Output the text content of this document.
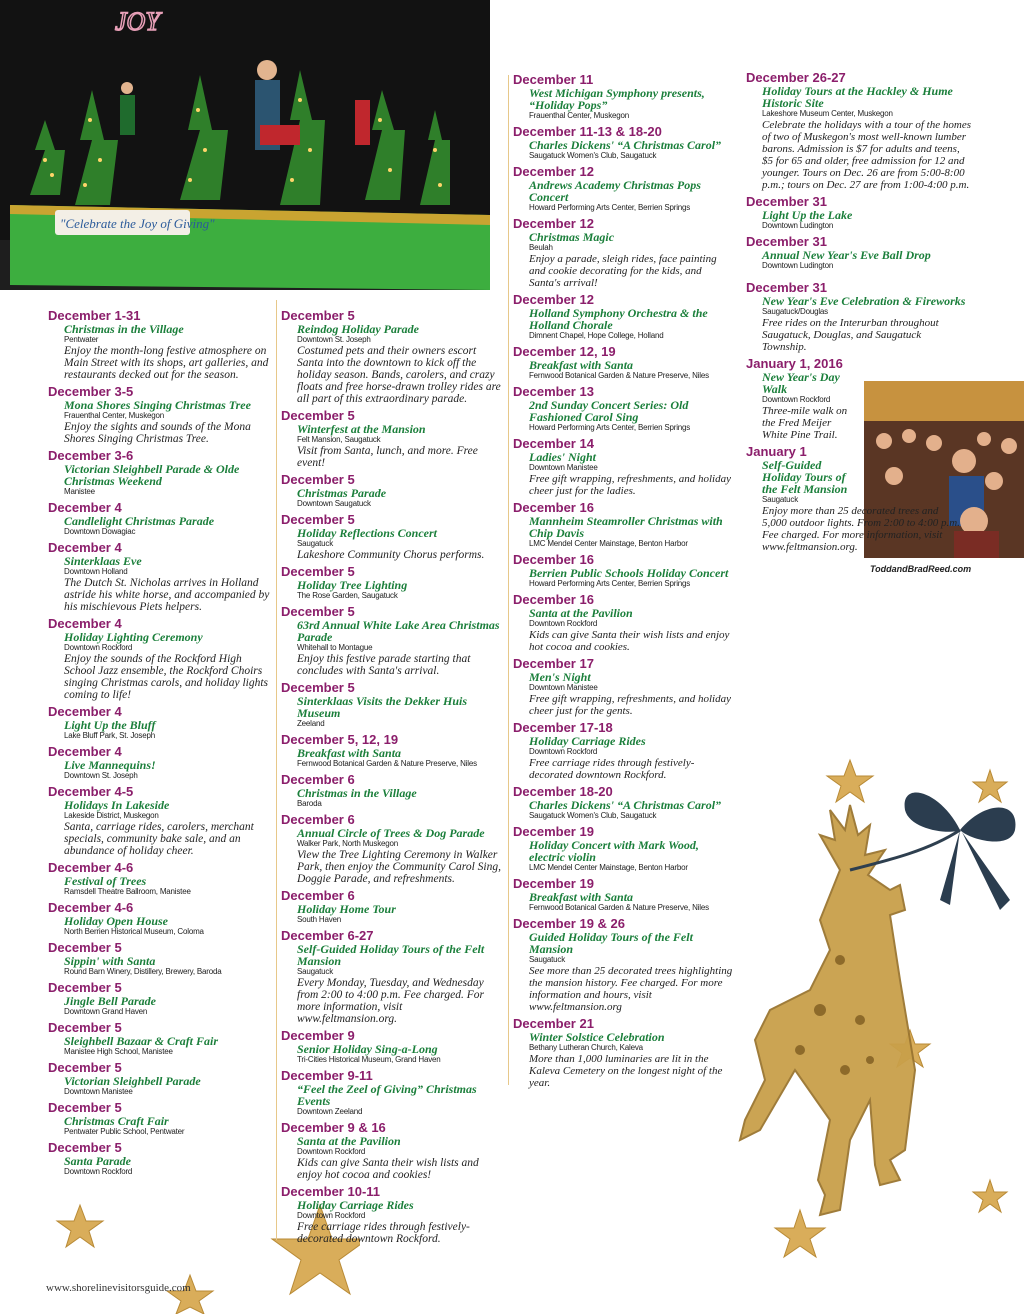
"Celebrate the Joy of Giving"
JOY
ToddandBradReed.com
December 1-31
Christmas in the Village
Pentwater
Enjoy the month-long festive atmosphere on Main Street with its shops, art galleries, and restaurants decked out for the season.
December 3-5
Mona Shores Singing Christmas Tree
Frauenthal Center, Muskegon
Enjoy the sights and sounds of the Mona Shores Singing Christmas Tree.
December 3-6
Victorian Sleighbell Parade & Olde Christmas Weekend
Manistee
December 4
Candlelight Christmas Parade
Downtown Dowagiac
December 4
Sinterklaas Eve
Downtown Holland
The Dutch St. Nicholas arrives in Holland astride his white horse, and accompanied by his mischievous Piets helpers.
December 4
Holiday Lighting Ceremony
Downtown Rockford
Enjoy the sounds of the Rockford High School Jazz ensemble, the Rockford Choirs singing Christmas carols, and holiday lights coming to life!
December 4
Light Up the Bluff
Lake Bluff Park, St. Joseph
December 4
Live Mannequins!
Downtown St. Joseph
December 4-5
Holidays In Lakeside
Lakeside District, Muskegon
Santa, carriage rides, carolers, merchant specials, community bake sale, and an abundance of holiday cheer.
December 4-6
Festival of Trees
Ramsdell Theatre Ballroom, Manistee
December 4-6
Holiday Open House
North Berrien Historical Museum, Coloma
December 5
Sippin' with Santa
Round Barn Winery, Distillery, Brewery, Baroda
December 5
Jingle Bell Parade
Downtown Grand Haven
December 5
Sleighbell Bazaar & Craft Fair
Manistee High School, Manistee
December 5
Victorian Sleighbell Parade
Downtown Manistee
December 5
Christmas Craft Fair
Pentwater Public School, Pentwater
December 5
Santa Parade
Downtown Rockford
December 5
Reindog Holiday Parade
Downtown St. Joseph
Costumed pets and their owners escort Santa into the downtown to kick off the holiday season. Bands, carolers, and crazy floats and free horse-drawn trolley rides are all part of this extraordinary parade.
December 5
Winterfest at the Mansion
Felt Mansion, Saugatuck
Visit from Santa, lunch, and more. Free event!
December 5
Christmas Parade
Downtown Saugatuck
December 5
Holiday Reflections Concert
Saugatuck
Lakeshore Community Chorus performs.
December 5
Holiday Tree Lighting
The Rose Garden, Saugatuck
December 5
63rd Annual White Lake Area Christmas Parade
Whitehall to Montague
Enjoy this festive parade starting that concludes with Santa's arrival.
December 5
Sinterklaas Visits the Dekker Huis Museum
Zeeland
December 5, 12, 19
Breakfast with Santa
Fernwood Botanical Garden & Nature Preserve, Niles
December 6
Christmas in the Village
Baroda
December 6
Annual Circle of Trees & Dog Parade
Walker Park, North Muskegon
View the Tree Lighting Ceremony in Walker Park, then enjoy the Community Carol Sing, Doggie Parade, and refreshments.
December 6
Holiday Home Tour
South Haven
December 6-27
Self-Guided Holiday Tours of the Felt Mansion
Saugatuck
Every Monday, Tuesday, and Wednesday from 2:00 to 4:00 p.m. Fee charged. For more information, visit www.feltmansion.org.
December 9
Senior Holiday Sing-a-Long
Tri-Cities Historical Museum, Grand Haven
December 9-11
“Feel the Zeel of Giving” Christmas Events
Downtown Zeeland
December 9 & 16
Santa at the Pavilion
Downtown Rockford
Kids can give Santa their wish lists and enjoy hot cocoa and cookies!
December 10-11
Holiday Carriage Rides
Downtown Rockford
Free carriage rides through festively-decorated downtown Rockford.
December 11
West Michigan Symphony presents, “Holiday Pops”
Frauenthal Center, Muskegon
December 11-13 & 18-20
Charles Dickens' “A Christmas Carol”
Saugatuck Women's Club, Saugatuck
December 12
Andrews Academy Christmas Pops Concert
Howard Performing Arts Center, Berrien Springs
December 12
Christmas Magic
Beulah
Enjoy a parade, sleigh rides, face painting and cookie decorating for the kids, and Santa's arrival!
December 12
Holland Symphony Orchestra & the Holland Chorale
Dimnent Chapel, Hope College, Holland
December 12, 19
Breakfast with Santa
Fernwood Botanical Garden & Nature Preserve, Niles
December 13
2nd Sunday Concert Series: Old Fashioned Carol Sing
Howard Performing Arts Center, Berrien Springs
December 14
Ladies' Night
Downtown Manistee
Free gift wrapping, refreshments, and holiday cheer just for the ladies.
December 16
Mannheim Steamroller Christmas with Chip Davis
LMC Mendel Center Mainstage, Benton Harbor
December 16
Berrien Public Schools Holiday Concert
Howard Performing Arts Center, Berrien Springs
December 16
Santa at the Pavilion
Downtown Rockford
Kids can give Santa their wish lists and enjoy hot cocoa and cookies.
December 17
Men's Night
Downtown Manistee
Free gift wrapping, refreshments, and holiday cheer just for the gents.
December 17-18
Holiday Carriage Rides
Downtown Rockford
Free carriage rides through festively-decorated downtown Rockford.
December 18-20
Charles Dickens' “A Christmas Carol”
Saugatuck Women's Club, Saugatuck
December 19
Holiday Concert with Mark Wood, electric violin
LMC Mendel Center Mainstage, Benton Harbor
December 19
Breakfast with Santa
Fernwood Botanical Garden & Nature Preserve, Niles
December 19 & 26
Guided Holiday Tours of the Felt Mansion
Saugatuck
See more than 25 decorated trees highlighting the mansion history. Fee charged. For more information and hours, visit www.feltmansion.org
December 21
Winter Solstice Celebration
Bethany Lutheran Church, Kaleva
More than 1,000 luminaries are lit in the Kaleva Cemetery on the longest night of the year.
December 26-27
Holiday Tours at the Hackley & Hume Historic Site
Lakeshore Museum Center, Muskegon
Celebrate the holidays with a tour of the homes of two of Muskegon's most well-known lumber barons. Admission is $7 for adults and teens, $5 for 65 and older, free admission for 12 and younger. Tours on Dec. 26 are from 5:00-8:00 p.m.; tours on Dec. 27 are from 1:00-4:00 p.m.
December 31
Light Up the Lake
Downtown Ludington
December 31
Annual New Year's Eve Ball Drop
Downtown Ludington
December 31
New Year's Eve Celebration & Fireworks
Saugatuck/Douglas
Free rides on the Interurban throughout Saugatuck, Douglas, and Saugatuck Township.
January 1, 2016
New Year's Day Walk
Downtown Rockford
Three-mile walk on the Fred Meijer White Pine Trail.
January 1
Self-Guided Holiday Tours of the Felt Mansion
Saugatuck
Enjoy more than 25 decorated trees and 5,000 outdoor lights. From 2:00 to 4:00 p.m. Fee charged. For more information, visit www.feltmansion.org.
www.shorelinevisitorsguide.com
